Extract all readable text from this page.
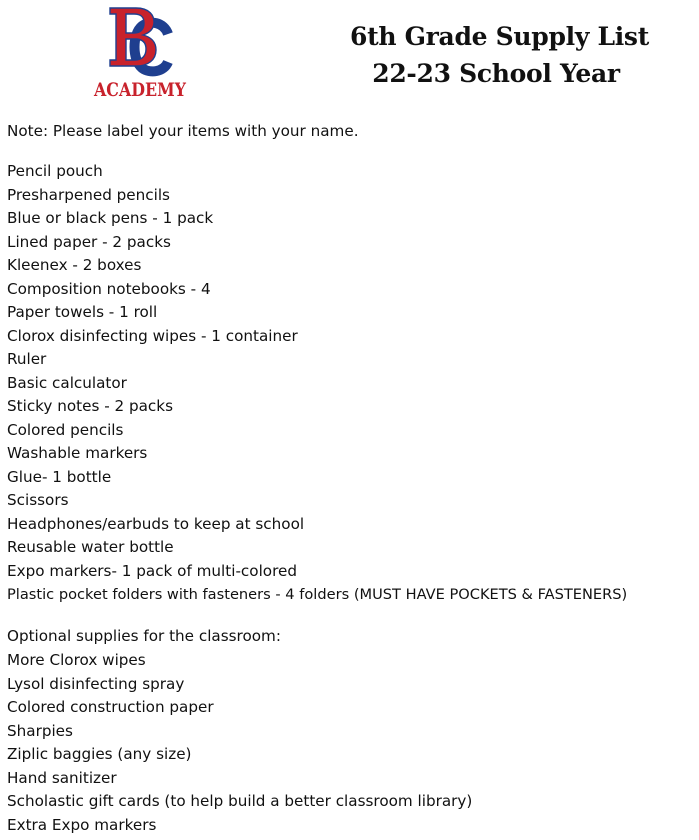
ACADEMY
6th Grade Supply List
22-23 School Year
Note: Please label your items with your name.
Pencil pouch
Presharpened pencils
Blue or black pens - 1 pack
Lined paper - 2 packs
Kleenex - 2 boxes
Composition notebooks - 4
Paper towels - 1 roll
Clorox disinfecting wipes - 1 container
Ruler
Basic calculator
Sticky notes - 2 packs
Colored pencils
Washable markers
Glue- 1 bottle
Scissors
Headphones/earbuds to keep at school
Reusable water bottle
Expo markers- 1 pack of multi-colored
Plastic pocket folders with fasteners - 4 folders (MUST HAVE POCKETS & FASTENERS)
Optional supplies for the classroom:
More Clorox wipes
Lysol disinfecting spray
Colored construction paper
Sharpies
Ziplic baggies (any size)
Hand sanitizer
Scholastic gift cards (to help build a better classroom library)
Extra Expo markers
